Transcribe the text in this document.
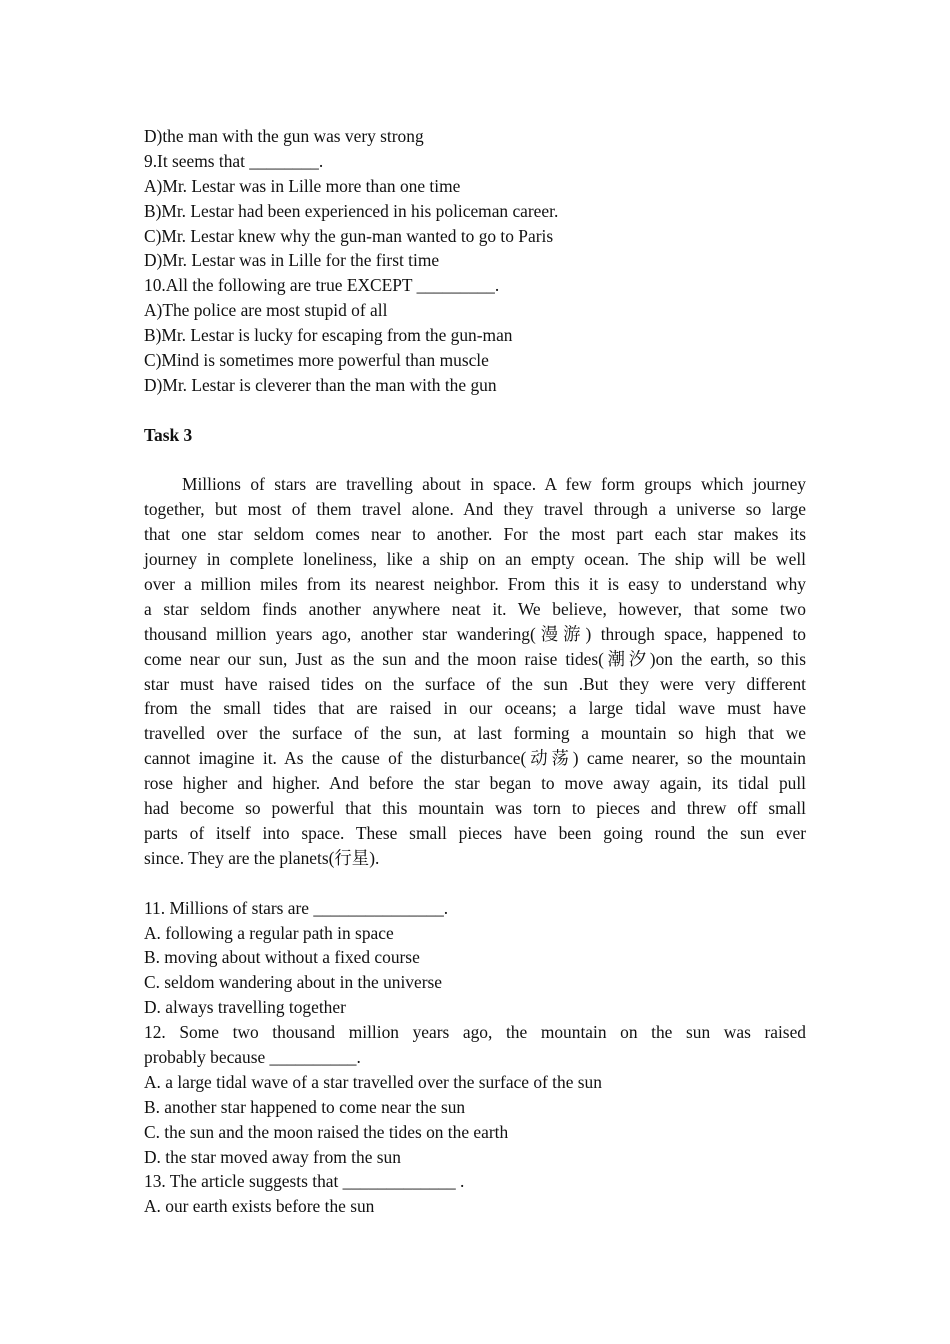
D)the man with the gun was very strong
9.It seems that ________.
A)Mr. Lestar was in Lille more than one time
B)Mr. Lestar had been experienced in his policeman career.
C)Mr. Lestar knew why the gun-man wanted to go to Paris
D)Mr. Lestar was in Lille for the first time
10.All the following are true EXCEPT _________.
A)The police are most stupid of all
B)Mr. Lestar is lucky for escaping from the gun-man
C)Mind is sometimes more powerful than muscle
D)Mr. Lestar is cleverer than the man with the gun
Task 3
Millions of stars are travelling about in space. A few form groups which journey
together, but most of them travel alone. And they travel through a universe so large
that one star seldom comes near to another. For the most part each star makes its
journey in complete loneliness, like a ship on an empty ocean. The ship will be well
over a million miles from its nearest neighbor. From this it is easy to understand why
a star seldom finds another anywhere neat it. We believe, however, that some two
thousand million years ago, another star wandering(漫游) through space, happened to
come near our sun, Just as the sun and the moon raise tides(潮汐)on the earth, so this
star must have raised tides on the surface of the sun .But they were very different
from the small tides that are raised in our oceans; a large tidal wave must have
travelled over the surface of the sun, at last forming a mountain so high that we
cannot imagine it. As the cause of the disturbance(动荡) came nearer, so the mountain
rose higher and higher. And before the star began to move away again, its tidal pull
had become so powerful that this mountain was torn to pieces and threw off small
parts of itself into space. These small pieces have been going round the sun ever
since. They are the planets(行星).
11. Millions of stars are _______________.
A. following a regular path in space
B. moving about without a fixed course
C. seldom wandering about in the universe
D. always travelling together
12. Some two thousand million years ago, the mountain on the sun was raised
probably because __________.
A. a large tidal wave of a star travelled over the surface of the sun
B. another star happened to come near the sun
C. the sun and the moon raised the tides on the earth
D. the star moved away from the sun
13. The article suggests that _____________ .
A. our earth exists before the sun
